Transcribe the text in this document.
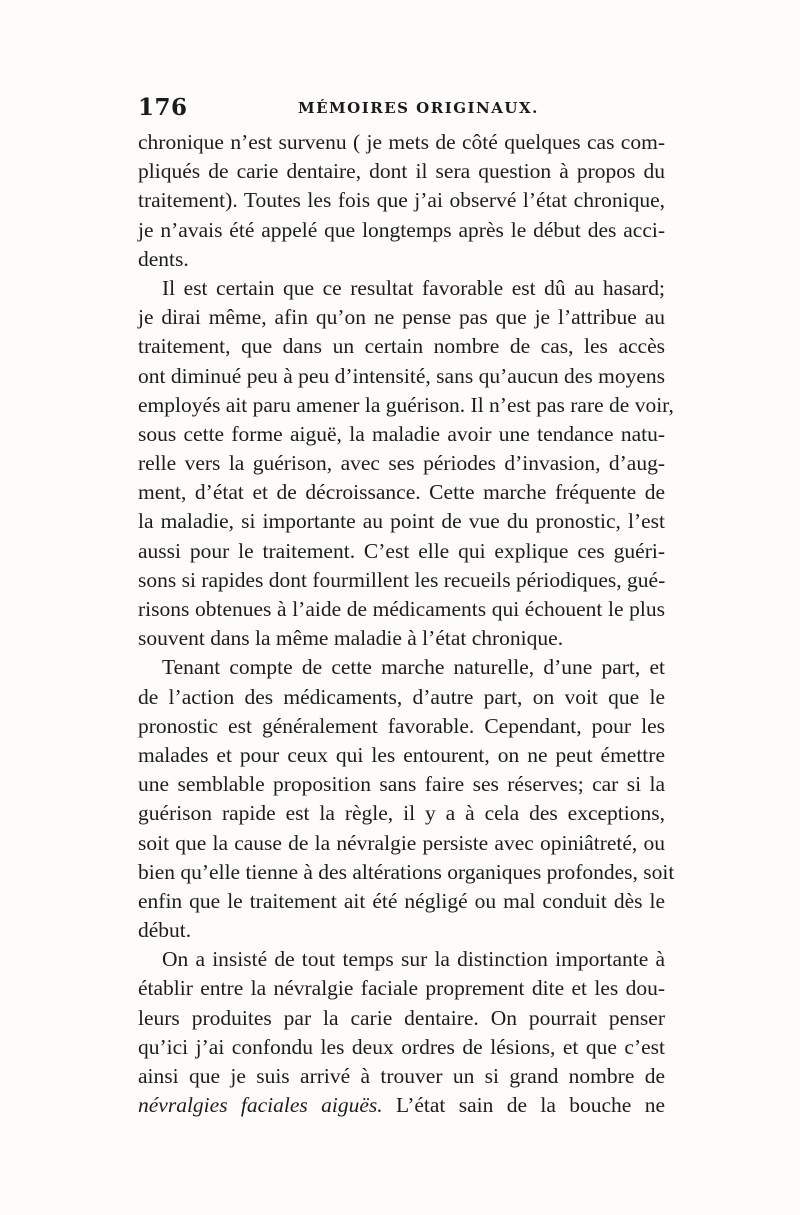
176	MÉMOIRES ORIGINAUX.
chronique n’est survenu ( je mets de côté quelques cas com-
pliqués de carie dentaire, dont il sera question à propos du
traitement). Toutes les fois que j’ai observé l’état chronique,
je n’avais été appelé que longtemps après le début des acci-
dents.
Il est certain que ce resultat favorable est dû au hasard;
je dirai même, afin qu’on ne pense pas que je l’attribue au
traitement, que dans un certain nombre de cas, les accès
ont diminué peu à peu d’intensité, sans qu’aucun des moyens
employés ait paru amener la guérison. Il n’est pas rare de voir,
sous cette forme aiguë, la maladie avoir une tendance natu-
relle vers la guérison, avec ses périodes d’invasion, d’aug-
ment, d’état et de décroissance. Cette marche fréquente de
la maladie, si importante au point de vue du pronostic, l’est
aussi pour le traitement. C’est elle qui explique ces guéri-
sons si rapides dont fourmillent les recueils périodiques, gué-
risons obtenues à l’aide de médicaments qui échouent le plus
souvent dans la même maladie à l’état chronique.
Tenant compte de cette marche naturelle, d’une part, et
de l’action des médicaments, d’autre part, on voit que le
pronostic est généralement favorable. Cependant, pour les
malades et pour ceux qui les entourent, on ne peut émettre
une semblable proposition sans faire ses réserves; car si la
guérison rapide est la règle, il y a à cela des exceptions,
soit que la cause de la névralgie persiste avec opiniâtreté, ou
bien qu’elle tienne à des altérations organiques profondes, soit
enfin que le traitement ait été négligé ou mal conduit dès le
début.
On a insisté de tout temps sur la distinction importante à
établir entre la névralgie faciale proprement dite et les dou-
leurs produites par la carie dentaire. On pourrait penser
qu’ici j’ai confondu les deux ordres de lésions, et que c’est
ainsi que je suis arrivé à trouver un si grand nombre de
névralgies faciales aiguës. L’état sain de la bouche ne
